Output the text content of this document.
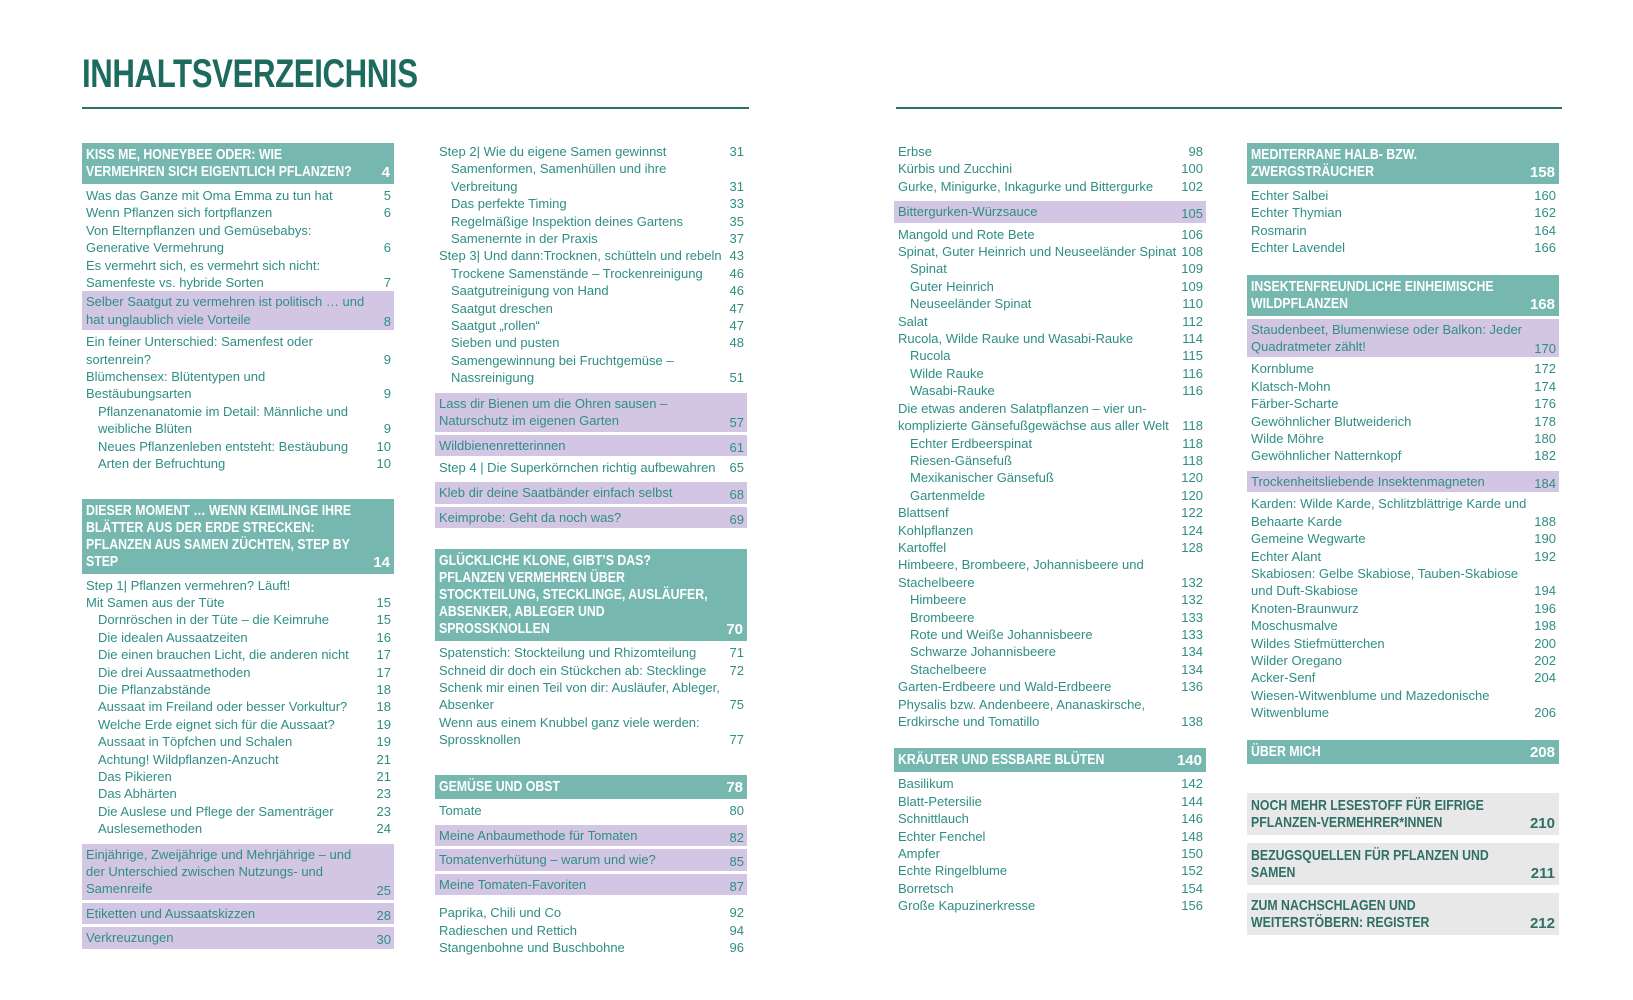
INHALTSVERZEICHNIS
KISS ME, HONEYBEE ODER: WIE VERMEHREN SICH EIGENTLICH PFLANZEN?	4
Was das Ganze mit Oma Emma zu tun hat	5
Wenn Pflanzen sich fortpflanzen	6
Von Elternpflanzen und Gemüsebabys: Generative Vermehrung	6
Es vermehrt sich, es vermehrt sich nicht: Samenfeste vs. hybride Sorten	7
Selber Saatgut zu vermehren ist politisch … und hat unglaublich viele Vorteile	8
Ein feiner Unterschied: Samenfest oder sortenrein?	9
Blümchensex: Blütentypen und Bestäubungsarten	9
Pflanzenanatomie im Detail: Männliche und weibliche Blüten	9
Neues Pflanzenleben entsteht: Bestäubung 10
Arten der Befruchtung	10
DIESER MOMENT … WENN KEIMLINGE IHRE BLÄTTER AUS DER ERDE STRECKEN: PFLANZEN AUS SAMEN ZÜCHTEN, STEP BY STEP	14
Step 1| Pflanzen vermehren? Läuft!
Mit Samen aus der Tüte	15
Dornröschen in der Tüte – die Keimruhe	15
Die idealen Aussaatzeiten	16
Die einen brauchen Licht, die anderen nicht 17
Die drei Aussaatmethoden	17
Die Pflanzabstände	18
Aussaat im Freiland oder besser Vorkultur? 18
Welche Erde eignet sich für die Aussaat?	19
Aussaat in Töpfchen und Schalen	19
Achtung! Wildpflanzen-Anzucht	21
Das Pikieren	21
Das Abhärten	23
Die Auslese und Pflege der Samenträger	23
Auslesemethoden	24
Einjährige, Zweijährige und Mehrjährige – und der Unterschied zwischen Nutzungs- und Samenreife	25
Etiketten und Aussaatskizzen	28
Verkreuzungen	30
Step 2| Wie du eigene Samen gewinnst	31
Samenformen, Samenhüllen und ihre Verbreitung	31
Das perfekte Timing	33
Regelmäßige Inspektion deines Gartens	35
Samenernte in der Praxis	37
Step 3| Und dann:Trocknen, schütteln und rebeln 43
Trockene Samenstände – Trockenreinigung 46
Saatgutreinigung von Hand	46
Saatgut dreschen	47
Saatgut „rollen“	47
Sieben und pusten	48
Samengewinnung bei Fruchtgemüse – Nassreinigung	51
Lass dir Bienen um die Ohren sausen – Naturschutz im eigenen Garten	57
Wildbienenretterinnen	61
Step 4 | Die Superkörnchen richtig aufbewahren 65
Kleb dir deine Saatbänder einfach selbst	68
Keimprobe: Geht da noch was?	69
GLÜCKLICHE KLONE, GIBT’S DAS? PFLANZEN VERMEHREN ÜBER STOCKTEILUNG, STECKLINGE, AUSLÄUFER, ABSENKER, ABLEGER UND SPROSSKNOLLEN	70
Spatenstich: Stockteilung und Rhizomteilung	71
Schneid dir doch ein Stückchen ab: Stecklinge 72
Schenk mir einen Teil von dir: Ausläufer, Ableger, Absenker	75
Wenn aus einem Knubbel ganz viele werden: Sprossknollen	77
GEMÜSE UND OBST	78
Tomate	80
Meine Anbaumethode für Tomaten	82
Tomatenverhütung – warum und wie?	85
Meine Tomaten-Favoriten	87
Paprika, Chili und Co	92
Radieschen und Rettich	94
Stangenbohne und Buschbohne	96
Erbse	98
Kürbis und Zucchini	100
Gurke, Minigurke, Inkagurke und Bittergurke 102
Bittergurken-Würzsauce	105
Mangold und Rote Bete	106
Spinat, Guter Heinrich und Neuseeländer Spinat 108
Spinat	109
Guter Heinrich	109
Neuseeländer Spinat	110
Salat	112
Rucola, Wilde Rauke und Wasabi-Rauke	114
Rucola	115
Wilde Rauke	116
Wasabi-Rauke	116
Die etwas anderen Salatpflanzen – vier un-komplizierte Gänsefußgewächse aus aller Welt 118
Echter Erdbeerspinat	118
Riesen-Gänsefuß	118
Mexikanischer Gänsefuß	120
Gartenmelde	120
Blattsenf	122
Kohlpflanzen	124
Kartoffel	128
Himbeere, Brombeere, Johannisbeere und Stachelbeere	132
Himbeere	132
Brombeere	133
Rote und Weiße Johannisbeere	133
Schwarze Johannisbeere	134
Stachelbeere	134
Garten-Erdbeere und Wald-Erdbeere	136
Physalis bzw. Andenbeere, Ananaskirsche, Erdkirsche und Tomatillo	138
KRÄUTER UND ESSBARE BLÜTEN	140
Basilikum	142
Blatt-Petersilie	144
Schnittlauch	146
Echter Fenchel	148
Ampfer	150
Echte Ringelblume	152
Borretsch	154
Große Kapuzinerkresse	156
MEDITERRANE HALB- BZW. ZWERGSTRÄUCHER	158
Echter Salbei	160
Echter Thymian	162
Rosmarin	164
Echter Lavendel	166
INSEKTENFREUNDLICHE EINHEIMISCHE WILDPFLANZEN	168
Staudenbeet, Blumenwiese oder Balkon: Jeder Quadratmeter zählt!	170
Kornblume	172
Klatsch-Mohn	174
Färber-Scharte	176
Gewöhnlicher Blutweiderich	178
Wilde Möhre	180
Gewöhnlicher Natternkopf	182
Trockenheitsliebende Insektenmagneten	184
Karden: Wilde Karde, Schlitzblättrige Karde und Behaarte Karde	188
Gemeine Wegwarte	190
Echter Alant	192
Skabiosen: Gelbe Skabiose, Tauben-Skabiose und Duft-Skabiose	194
Knoten-Braunwurz	196
Moschusmalve	198
Wildes Stiefmütterchen	200
Wilder Oregano	202
Acker-Senf	204
Wiesen-Witwenblume und Mazedonische Witwenblume	206
ÜBER MICH	208
NOCH MEHR LESESTOFF FÜR EIFRIGE PFLANZEN-VERMEHRER*INNEN	210
BEZUGSQUELLEN FÜR PFLANZEN UND SAMEN	211
ZUM NACHSCHLAGEN UND WEITERSTÖBERN: REGISTER	212
